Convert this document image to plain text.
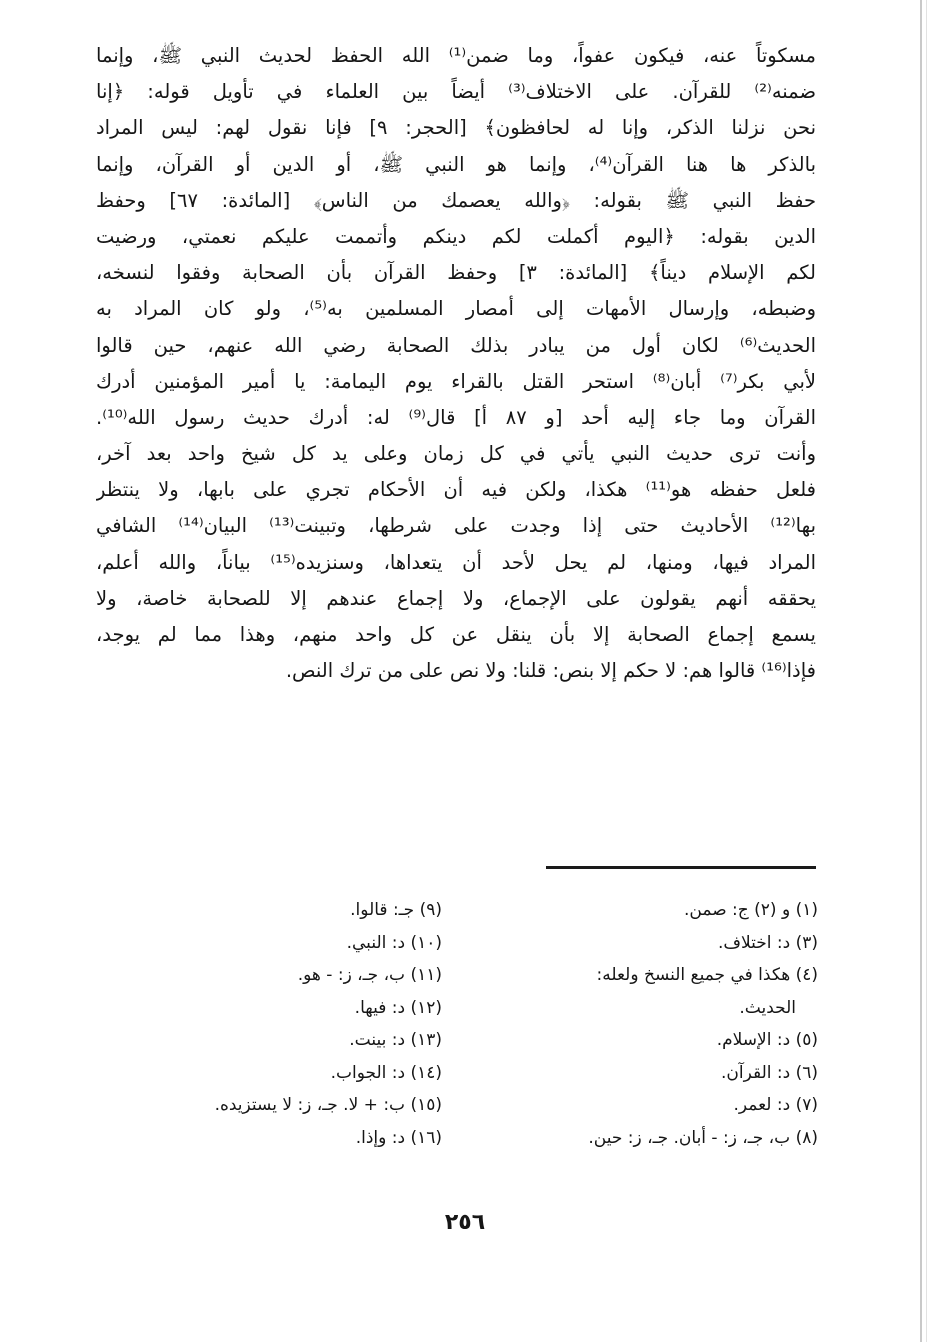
مسكوتاً عنه، فيكون عفواً، وما ضمن⁽¹⁾ الله الحفظ لحديث النبي ﷺ، وإنما
ضمنه⁽²⁾ للقرآن. على الاختلاف⁽³⁾ أيضاً بين العلماء في تأويل قوله: ﴿إنا
نحن نزلنا الذكر، وإنا له لحافظون﴾ [الحجر: ٩] فإنا نقول لهم: ليس المراد
بالذكر ها هنا القرآن⁽⁴⁾، وإنما هو النبي ﷺ، أو الدين أو القرآن، وإنما
حفظ النبي ﷺ بقوله: ﴿والله يعصمك من الناس﴾ [المائدة: ٦٧] وحفظ
الدين بقوله: ﴿اليوم أكملت لكم دينكم وأتممت عليكم نعمتي، ورضيت
لكم الإسلام ديناً﴾ [المائدة: ٣] وحفظ القرآن بأن الصحابة وفقوا لنسخه،
وضبطه، وإرسال الأمهات إلى أمصار المسلمين به⁽⁵⁾، ولو كان المراد به
الحديث⁽⁶⁾ لكان أول من يبادر بذلك الصحابة رضي الله عنهم، حين قالوا
لأبي بكر⁽⁷⁾ أبان⁽⁸⁾ استحر القتل بالقراء يوم اليمامة: يا أمير المؤمنين أدرك
القرآن وما جاء إليه أحد [و ٨٧ أ] قال⁽⁹⁾ له: أدرك حديث رسول الله⁽¹⁰⁾.
وأنت ترى حديث النبي يأتي في كل زمان وعلى يد كل شيخ واحد بعد آخر،
فلعل حفظه هو⁽¹¹⁾ هكذا، ولكن فيه أن الأحكام تجري على بابها، ولا ينتظر
بها⁽¹²⁾ الأحاديث حتى إذا وجدت على شرطها، وتبينت⁽¹³⁾ البيان⁽¹⁴⁾ الشافي
المراد فيها، ومنها، لم يحل لأحد أن يتعداها، وسنزيده⁽¹⁵⁾ بياناً، والله أعلم،
يحققه أنهم يقولون على الإجماع، ولا إجماع عندهم إلا للصحابة خاصة، ولا
يسمع إجماع الصحابة إلا بأن ينقل عن كل واحد منهم، وهذا مما لم يوجد،
فإذا⁽¹⁶⁾ قالوا هم: لا حكم إلا بنص: قلنا: ولا نص على من ترك النص.
(١) و (٢) ج: صمن.
(٣) د: اختلاف.
(٤) هكذا في جميع النسخ ولعله:
الحديث.
(٥) د: الإسلام.
(٦) د: القرآن.
(٧) د: لعمر.
(٨) ب، جـ، ز: - أبان. جـ، ز: حين.
(٩) جـ: قالوا.
(١٠) د: النبي.
(١١) ب، جـ، ز: - هو.
(١٢) د: فيها.
(١٣) د: بينت.
(١٤) د: الجواب.
(١٥) ب: + لا. جـ، ز: لا يستزيده.
(١٦) د: وإذا.
٢٥٦
